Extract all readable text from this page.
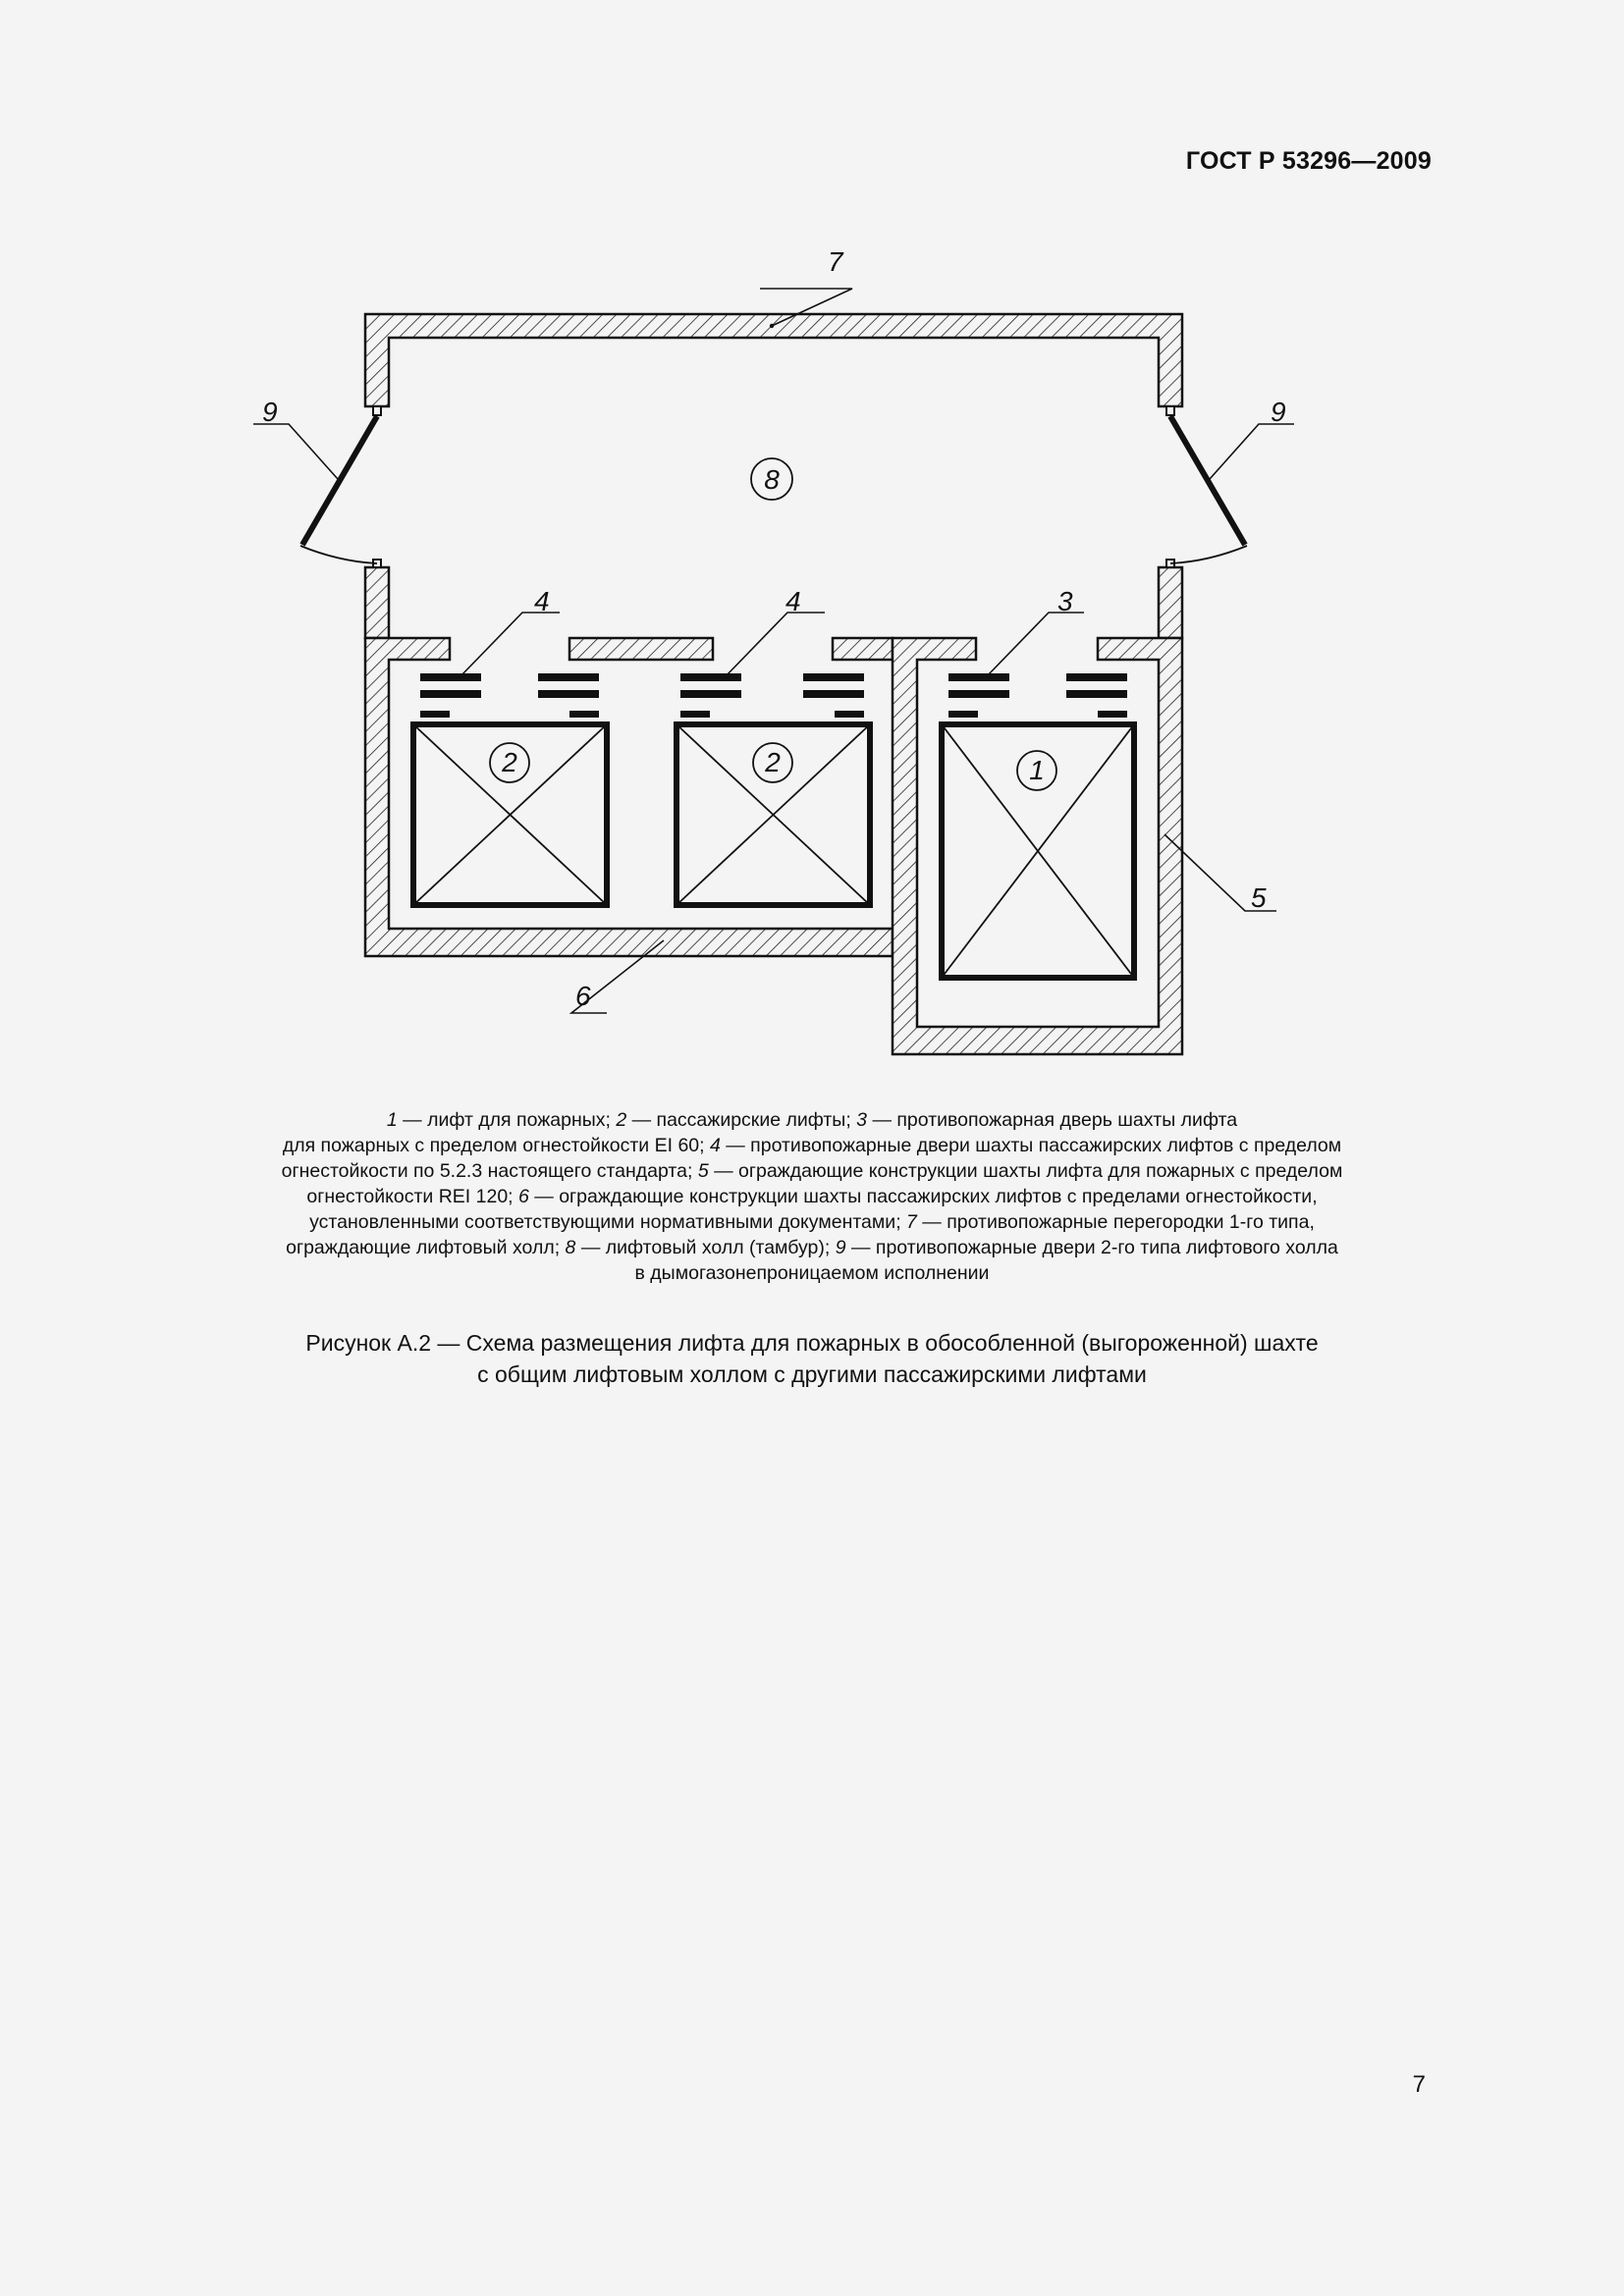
ГОСТ Р 53296—2009
7
9	9
8
4	4	3
5
6
2	2	1
1 — лифт для пожарных; 2 — пассажирские лифты; 3 — противопожарная дверь шахты лифта
для пожарных с пределом огнестойкости EI 60; 4 — противопожарные двери шахты пассажирских лифтов с пределом
огнестойкости по 5.2.3 настоящего стандарта; 5 — ограждающие конструкции шахты лифта для пожарных с пределом
огнестойкости REI 120; 6 — ограждающие конструкции шахты пассажирских лифтов с пределами огнестойкости,
установленными соответствующими нормативными документами; 7 — противопожарные перегородки 1-го типа,
ограждающие лифтовый холл; 8 — лифтовый холл (тамбур); 9 — противопожарные двери 2-го типа лифтового холла
в дымогазонепроницаемом исполнении
Рисунок А.2 — Схема размещения лифта для пожарных в обособленной (выгороженной) шахте
с общим лифтовым холлом с другими пассажирскими лифтами
7
